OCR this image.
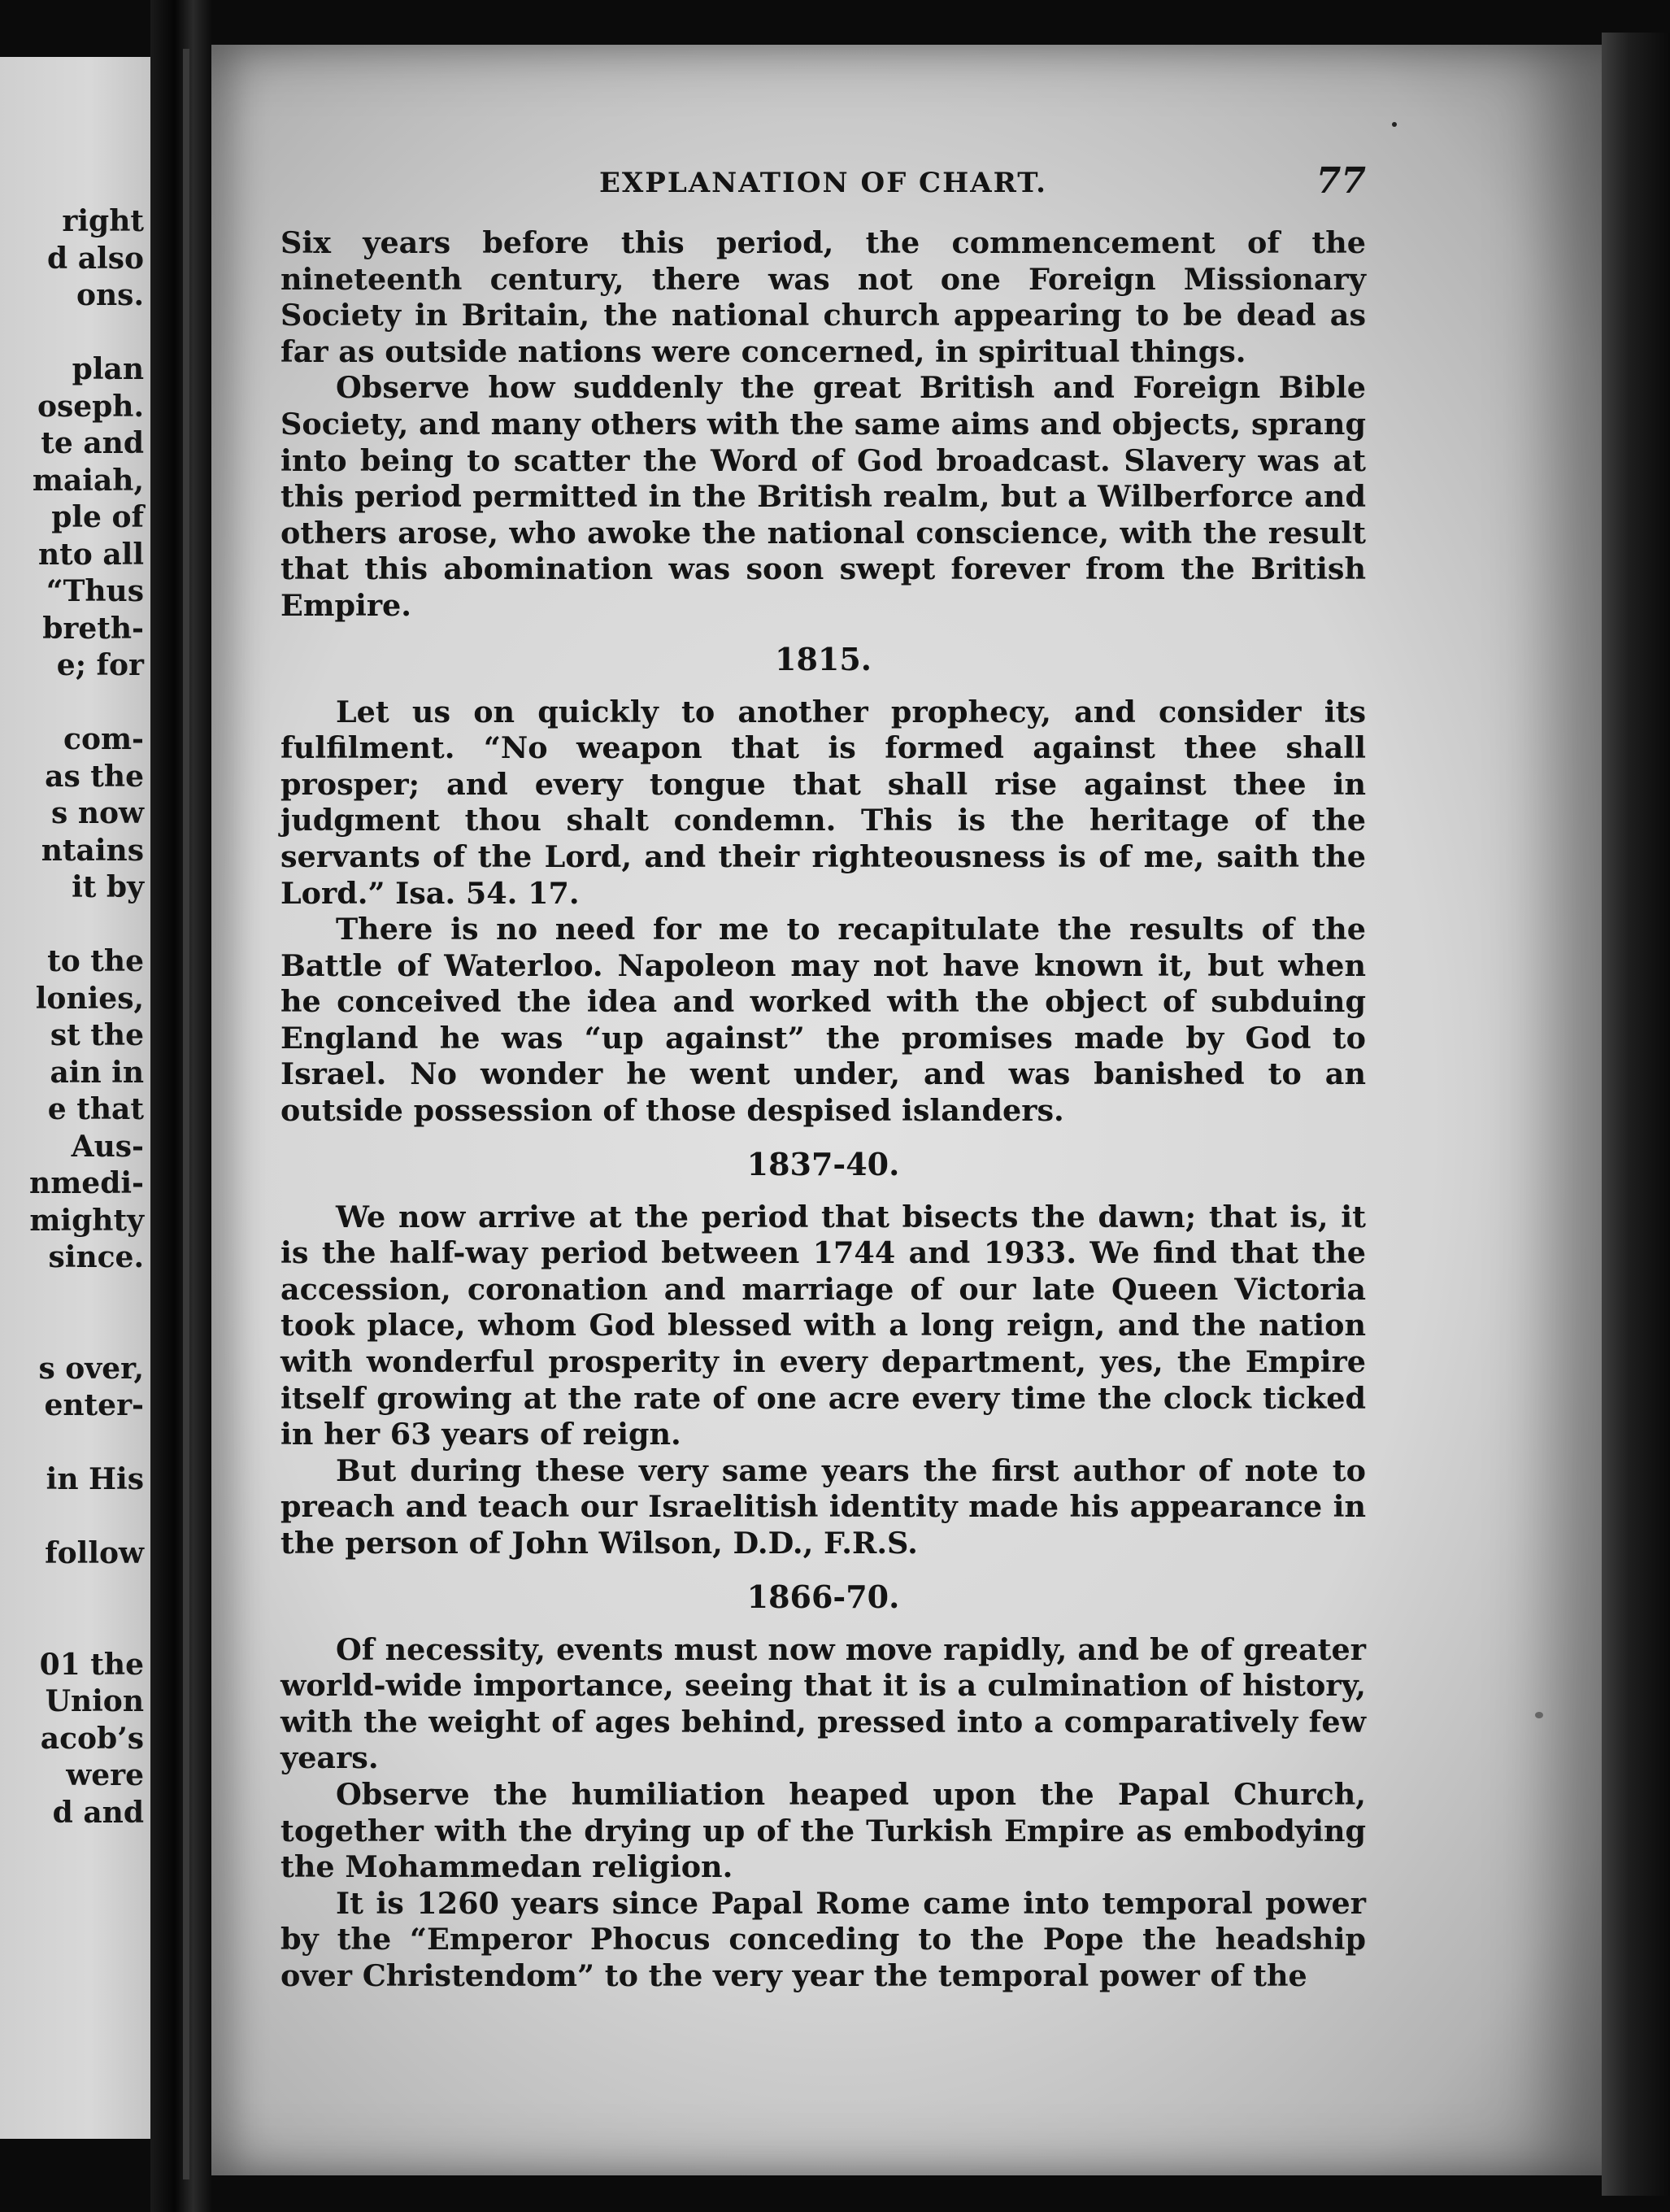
right
d also
ons.
plan
oseph.
te and
maiah,
ple of
nto all
“Thus
breth-
e; for
com-
as the
s now
ntains
it by
to the
lonies,
st the
ain in
e that
Aus-
nmedi-
mighty
since.
s over,
enter-
in His
follow
01 the
Union
acob’s
were
d and
EXPLANATION OF CHART.	77

Six years before this period, the commencement of the nineteenth century, there was not one Foreign Missionary Society in Britain, the national church appearing to be dead as far as outside nations were concerned, in spiritual things.

Observe how suddenly the great British and Foreign Bible Society, and many others with the same aims and objects, sprang into being to scatter the Word of God broadcast. Slavery was at this period permitted in the British realm, but a Wilberforce and others arose, who awoke the national conscience, with the result that this abomination was soon swept forever from the British Empire.

1815.

Let us on quickly to another prophecy, and consider its fulfilment. “No weapon that is formed against thee shall prosper; and every tongue that shall rise against thee in judgment thou shalt condemn. This is the heritage of the servants of the Lord, and their righteousness is of me, saith the Lord.” Isa. 54. 17.

There is no need for me to recapitulate the results of the Battle of Waterloo. Napoleon may not have known it, but when he conceived the idea and worked with the object of subduing England he was “up against” the promises made by God to Israel. No wonder he went under, and was banished to an outside possession of those despised islanders.

1837-40.

We now arrive at the period that bisects the dawn; that is, it is the half-way period between 1744 and 1933. We find that the accession, coronation and marriage of our late Queen Victoria took place, whom God blessed with a long reign, and the nation with wonderful prosperity in every department, yes, the Empire itself growing at the rate of one acre every time the clock ticked in her 63 years of reign.

But during these very same years the first author of note to preach and teach our Israelitish identity made his appearance in the person of John Wilson, D.D., F.R.S.

1866-70.

Of necessity, events must now move rapidly, and be of greater world-wide importance, seeing that it is a culmination of history, with the weight of ages behind, pressed into a comparatively few years.

Observe the humiliation heaped upon the Papal Church, together with the drying up of the Turkish Empire as embodying the Mohammedan religion.

It is 1260 years since Papal Rome came into temporal power by the “Emperor Phocus conceding to the Pope the headship over Christendom” to the very year the temporal power of the
